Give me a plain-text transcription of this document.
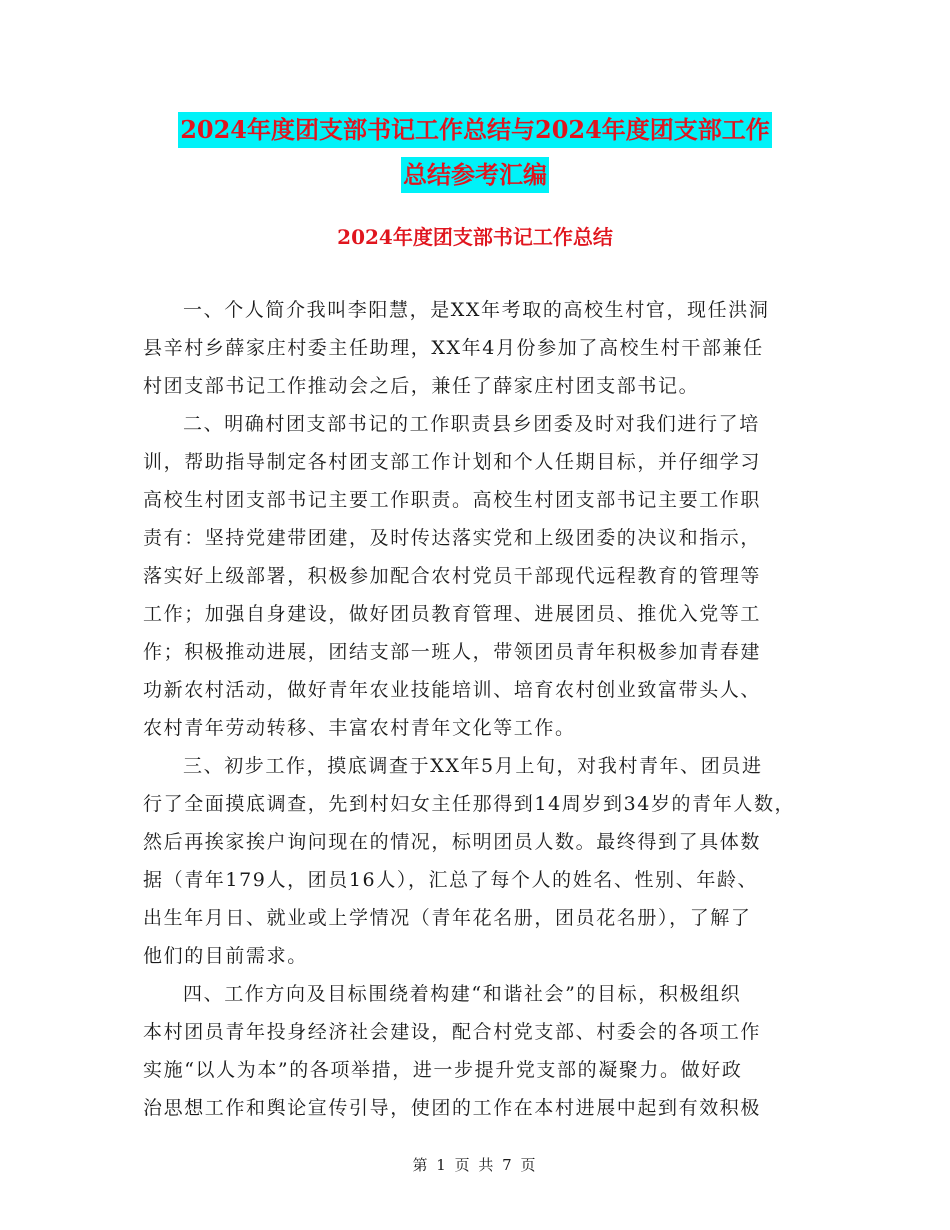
2024年度团支部书记工作总结与2024年度团支部工作
总结参考汇编
2024年度团支部书记工作总结
一、个人简介我叫李阳慧，是XX年考取的高校生村官，现任洪洞
县辛村乡薛家庄村委主任助理，XX年4月份参加了高校生村干部兼任
村团支部书记工作推动会之后，兼任了薛家庄村团支部书记。
二、明确村团支部书记的工作职责县乡团委及时对我们进行了培
训，帮助指导制定各村团支部工作计划和个人任期目标，并仔细学习
高校生村团支部书记主要工作职责。高校生村团支部书记主要工作职
责有：坚持党建带团建，及时传达落实党和上级团委的决议和指示，
落实好上级部署，积极参加配合农村党员干部现代远程教育的管理等
工作；加强自身建设，做好团员教育管理、进展团员、推优入党等工
作；积极推动进展，团结支部一班人，带领团员青年积极参加青春建
功新农村活动，做好青年农业技能培训、培育农村创业致富带头人、
农村青年劳动转移、丰富农村青年文化等工作。
三、初步工作，摸底调查于XX年5月上旬，对我村青年、团员进
行了全面摸底调查，先到村妇女主任那得到14周岁到34岁的青年人数，
然后再挨家挨户询问现在的情况，标明团员人数。最终得到了具体数
据（青年179人，团员16人），汇总了每个人的姓名、性别、年龄、
出生年月日、就业或上学情况（青年花名册，团员花名册），了解了
他们的目前需求。
四、工作方向及目标围绕着构建“和谐社会”的目标，积极组织
本村团员青年投身经济社会建设，配合村党支部、村委会的各项工作
实施“以人为本”的各项举措，进一步提升党支部的凝聚力。做好政
治思想工作和舆论宣传引导，使团的工作在本村进展中起到有效积极
第 1 页 共 7 页
